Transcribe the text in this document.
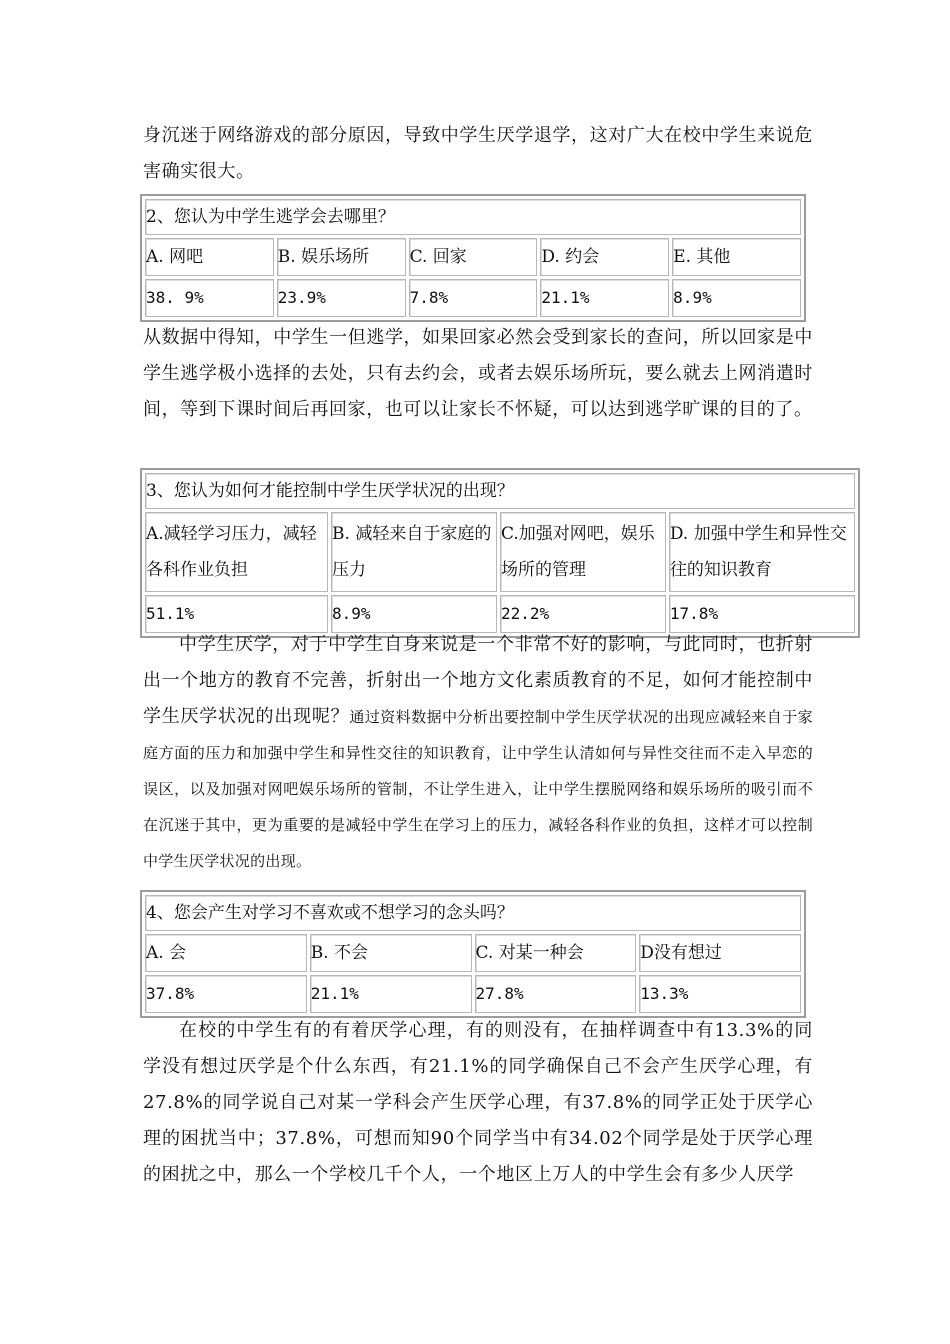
身沉迷于网络游戏的部分原因，导致中学生厌学退学，这对广大在校中学生来说危害确实很大。

2、您认为中学生逃学会去哪里？				
A. 网吧	B. 娱乐场所	C. 回家	D. 约会	E. 其他
38. 9%	23.9%	7.8%	21.1%	8.9%

从数据中得知，中学生一但逃学，如果回家必然会受到家长的查问，所以回家是中学生逃学极小选择的去处，只有去约会，或者去娱乐场所玩，要么就去上网消遣时间，等到下课时间后再回家，也可以让家长不怀疑，可以达到逃学旷课的目的了。

3、您认为如何才能控制中学生厌学状况的出现？			
A.减轻学习压力，减轻各科作业负担	B. 减轻来自于家庭的压力	C.加强对网吧，娱乐场所的管理	D. 加强中学生和异性交往的知识教育
51.1%	8.9%	22.2%	17.8%

中学生厌学，对于中学生自身来说是一个非常不好的影响，与此同时，也折射出一个地方的教育不完善，折射出一个地方文化素质教育的不足，如何才能控制中学生厌学状况的出现呢？通过资料数据中分析出要控制中学生厌学状况的出现应减轻来自于家庭方面的压力和加强中学生和异性交往的知识教育，让中学生认清如何与异性交往而不走入早恋的误区，以及加强对网吧娱乐场所的管制，不让学生进入，让中学生摆脱网络和娱乐场所的吸引而不在沉迷于其中，更为重要的是减轻中学生在学习上的压力，减轻各科作业的负担，这样才可以控制中学生厌学状况的出现。

4、您会产生对学习不喜欢或不想学习的念头吗？			
A. 会	B. 不会	C. 对某一种会	D没有想过
37.8%	21.1%	27.8%	13.3%

在校的中学生有的有着厌学心理，有的则没有，在抽样调查中有13.3%的同学没有想过厌学是个什么东西，有21.1%的同学确保自己不会产生厌学心理，有27.8%的同学说自己对某一学科会产生厌学心理，有37.8%的同学正处于厌学心理的困扰当中；37.8%，可想而知90个同学当中有34.02个同学是处于厌学心理的困扰之中，那么一个学校几千个人，一个地区上万人的中学生会有多少人厌学
